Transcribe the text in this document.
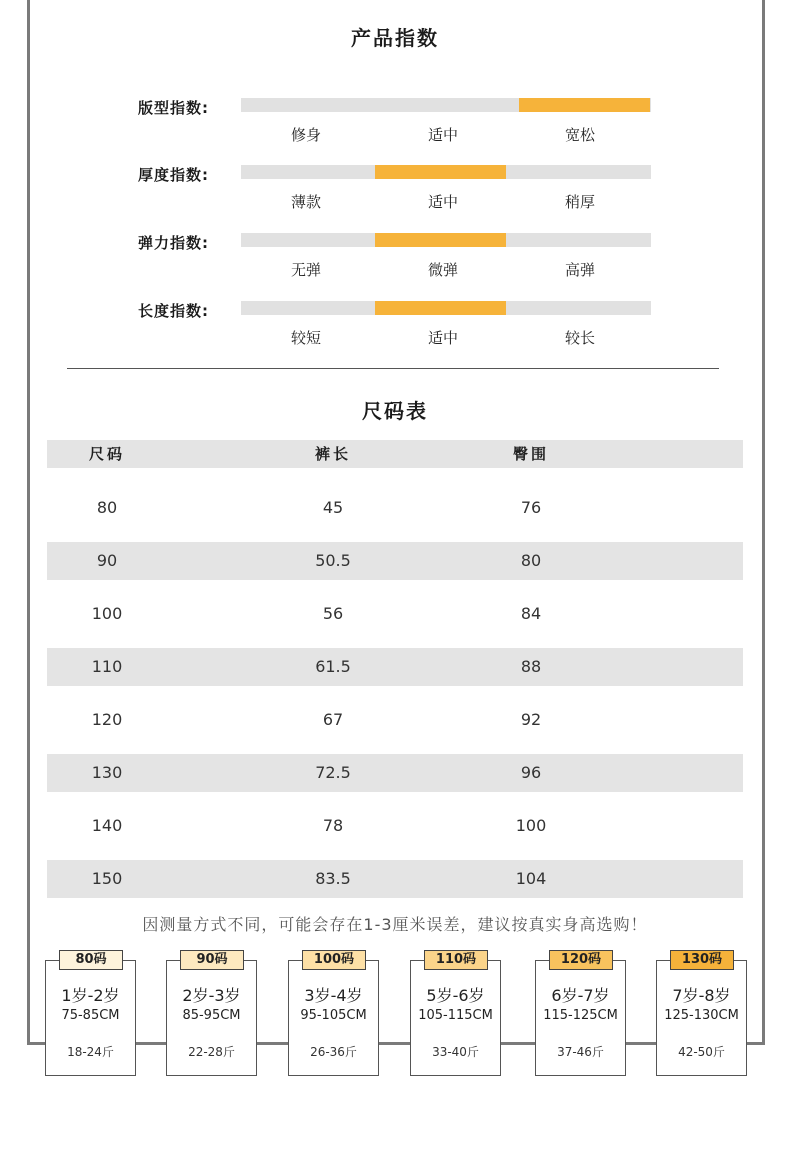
产品指数
版型指数:
修身	适中	宽松
厚度指数:
薄款	适中	稍厚
弹力指数:
无弹	微弹	高弹
长度指数:
较短	适中	较长
尺码表
尺码	裤长	臀围
80	45	76
90	50.5	80
100	56	84
110	61.5	88
120	67	92
130	72.5	96
140	78	100
150	83.5	104
因测量方式不同，可能会存在1-3厘米误差，建议按真实身高选购！
80码
1岁-2岁
75-85CM
18-24斤
90码
2岁-3岁
85-95CM
22-28斤
100码
3岁-4岁
95-105CM
26-36斤
110码
5岁-6岁
105-115CM
33-40斤
120码
6岁-7岁
115-125CM
37-46斤
130码
7岁-8岁
125-130CM
42-50斤
